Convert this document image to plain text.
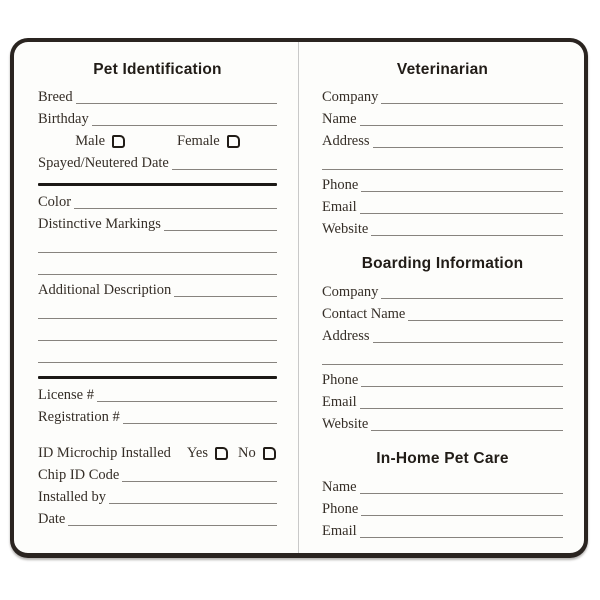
Pet Identification
Breed
Birthday
Male	Female
Spayed/Neutered Date
Color
Distinctive Markings
Additional Description
License #
Registration #
ID Microchip Installed Yes No
Chip ID Code
Installed by
Date
Veterinarian
Company
Name
Address
Phone
Email
Website
Boarding Information
Company
Contact Name
Address
Phone
Email
Website
In-Home Pet Care
Name
Phone
Email
